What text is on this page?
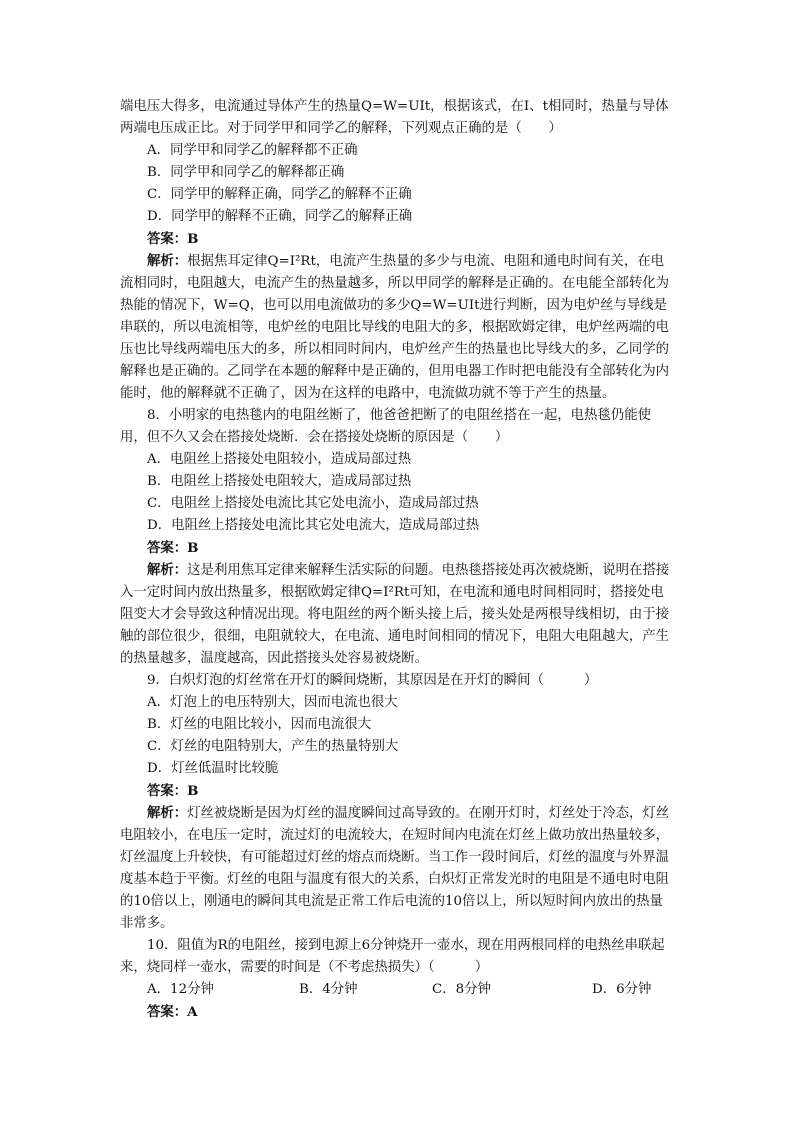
端电压大得多，电流通过导体产生的热量Q=W=UIt，根据该式，在I、t相同时，热量与导体两端电压成正比。对于同学甲和同学乙的解释，下列观点正确的是（　　）

A．同学甲和同学乙的解释都不正确

B．同学甲和同学乙的解释都正确

C．同学甲的解释正确，同学乙的解释不正确

D．同学甲的解释不正确，同学乙的解释正确

答案：B

解析：根据焦耳定律Q=I²Rt，电流产生热量的多少与电流、电阻和通电时间有关，在电流相同时，电阻越大，电流产生的热量越多，所以甲同学的解释是正确的。在电能全部转化为热能的情况下，W=Q，也可以用电流做功的多少Q=W=UIt进行判断，因为电炉丝与导线是串联的，所以电流相等，电炉丝的电阻比导线的电阻大的多，根据欧姆定律，电炉丝两端的电压也比导线两端电压大的多，所以相同时间内，电炉丝产生的热量也比导线大的多，乙同学的解释也是正确的。乙同学在本题的解释中是正确的，但用电器工作时把电能没有全部转化为内能时，他的解释就不正确了，因为在这样的电路中，电流做功就不等于产生的热量。

8．小明家的电热毯内的电阻丝断了，他爸爸把断了的电阻丝搭在一起，电热毯仍能使用，但不久又会在搭接处烧断．会在搭接处烧断的原因是（　　）

A．电阻丝上搭接处电阻较小，造成局部过热

B．电阻丝上搭接处电阻较大，造成局部过热

C．电阻丝上搭接处电流比其它处电流小，造成局部过热

D．电阻丝上搭接处电流比其它处电流大，造成局部过热

答案：B

解析：这是利用焦耳定律来解释生活实际的问题。电热毯搭接处再次被烧断，说明在搭接入一定时间内放出热量多，根据欧姆定律Q=I²Rt可知，在电流和通电时间相同时，搭接处电阻变大才会导致这种情况出现。将电阻丝的两个断头接上后，接头处是两根导线相切，由于接触的部位很少，很细，电阻就较大，在电流、通电时间相同的情况下，电阻大电阻越大，产生的热量越多，温度越高，因此搭接头处容易被烧断。

9．白炽灯泡的灯丝常在开灯的瞬间烧断，其原因是在开灯的瞬间（　　　）

A．灯泡上的电压特别大，因而电流也很大

B．灯丝的电阻比较小，因而电流很大

C．灯丝的电阻特别大，产生的热量特别大

D．灯丝低温时比较脆

答案：B

解析：灯丝被烧断是因为灯丝的温度瞬间过高导致的。在刚开灯时，灯丝处于冷态，灯丝电阻较小，在电压一定时，流过灯的电流较大，在短时间内电流在灯丝上做功放出热量较多，灯丝温度上升较快，有可能超过灯丝的熔点而烧断。当工作一段时间后，灯丝的温度与外界温度基本趋于平衡。灯丝的电阻与温度有很大的关系，白炽灯正常发光时的电阻是不通电时电阻的10倍以上，刚通电的瞬间其电流是正常工作后电流的10倍以上，所以短时间内放出的热量非常多。

10．阻值为R的电阻丝，接到电源上6分钟烧开一壶水，现在用两根同样的电热丝串联起来，烧同样一壶水，需要的时间是（不考虑热损失）（　　　）

A．12分钟	B．4分钟	C．8分钟	D．6分钟

答案：A
